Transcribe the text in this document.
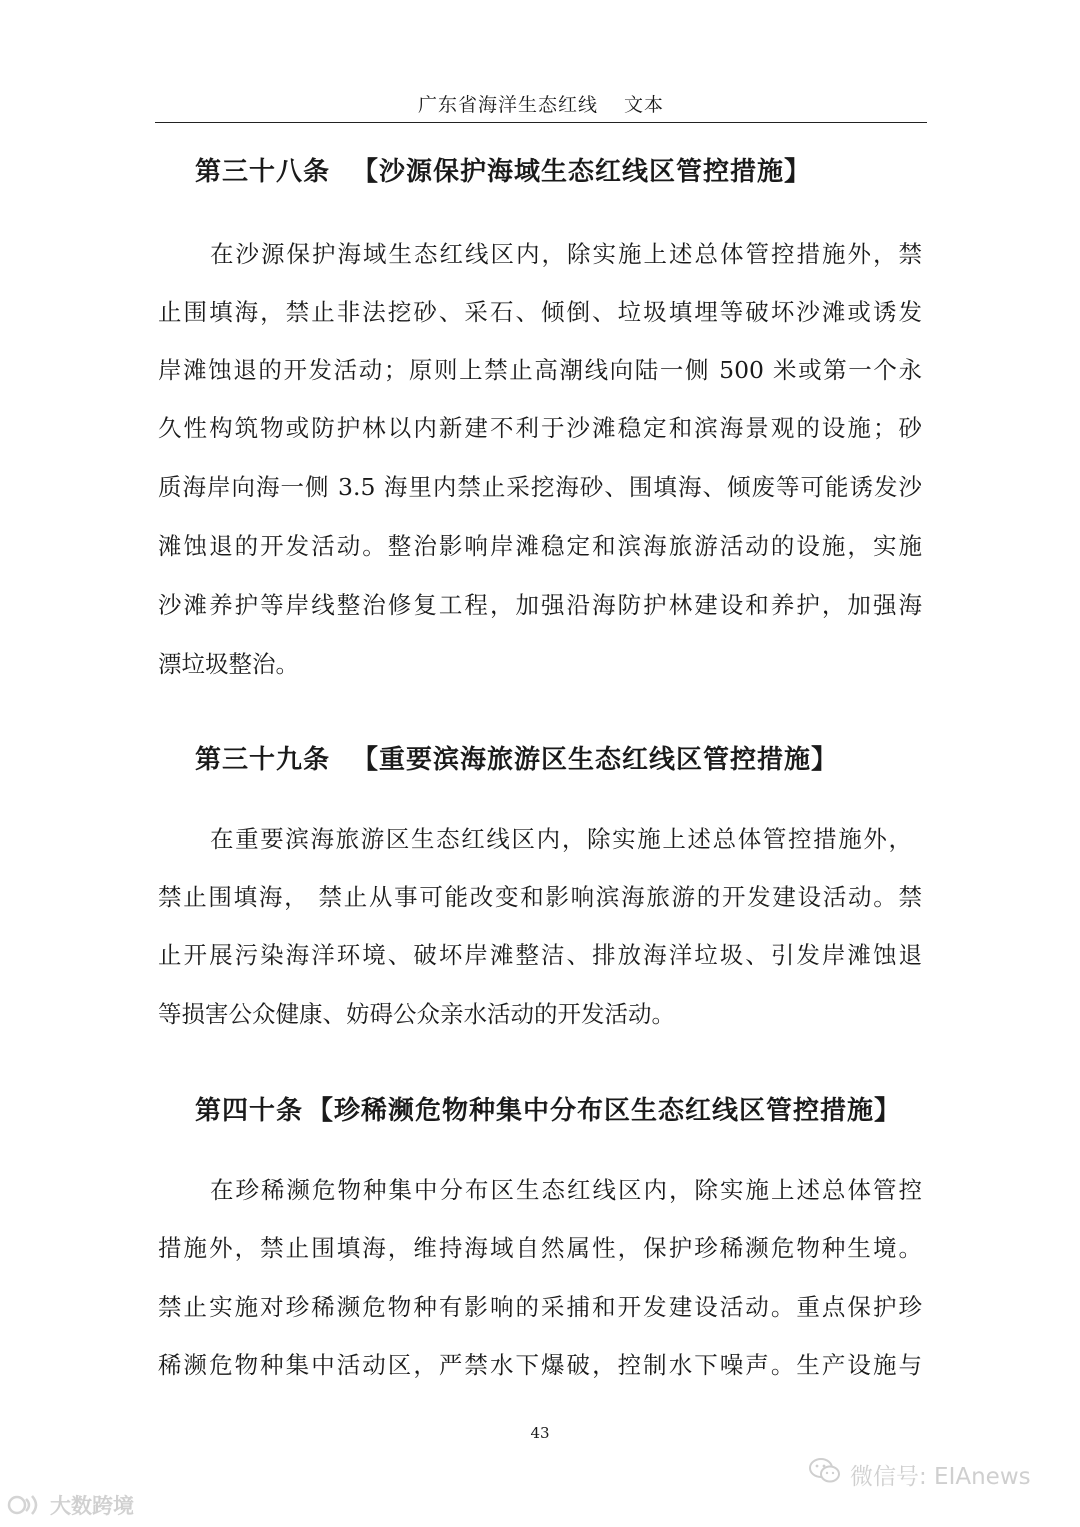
广东省海洋生态红线 文本
第三十八条 【沙源保护海域生态红线区管控措施】
在沙源保护海域生态红线区内，除实施上述总体管控措施外，禁
止围填海，禁止非法挖砂、采石、倾倒、垃圾填埋等破坏沙滩或诱发
岸滩蚀退的开发活动；原则上禁止高潮线向陆一侧 500 米或第一个永
久性构筑物或防护林以内新建不利于沙滩稳定和滨海景观的设施；砂
质海岸向海一侧 3.5 海里内禁止采挖海砂、围填海、倾废等可能诱发沙
滩蚀退的开发活动。整治影响岸滩稳定和滨海旅游活动的设施，实施
沙滩养护等岸线整治修复工程，加强沿海防护林建设和养护，加强海
漂垃圾整治。
第三十九条 【重要滨海旅游区生态红线区管控措施】
在重要滨海旅游区生态红线区内，除实施上述总体管控措施外，
禁止围填海， 禁止从事可能改变和影响滨海旅游的开发建设活动。禁
止开展污染海洋环境、破坏岸滩整洁、排放海洋垃圾、引发岸滩蚀退
等损害公众健康、妨碍公众亲水活动的开发活动。
第四十条 【珍稀濒危物种集中分布区生态红线区管控措施】
在珍稀濒危物种集中分布区生态红线区内，除实施上述总体管控
措施外，禁止围填海，维持海域自然属性，保护珍稀濒危物种生境。
禁止实施对珍稀濒危物种有影响的采捕和开发建设活动。重点保护珍
稀濒危物种集中活动区，严禁水下爆破，控制水下噪声。生产设施与
43
大数跨境
微信号: EIAnews
